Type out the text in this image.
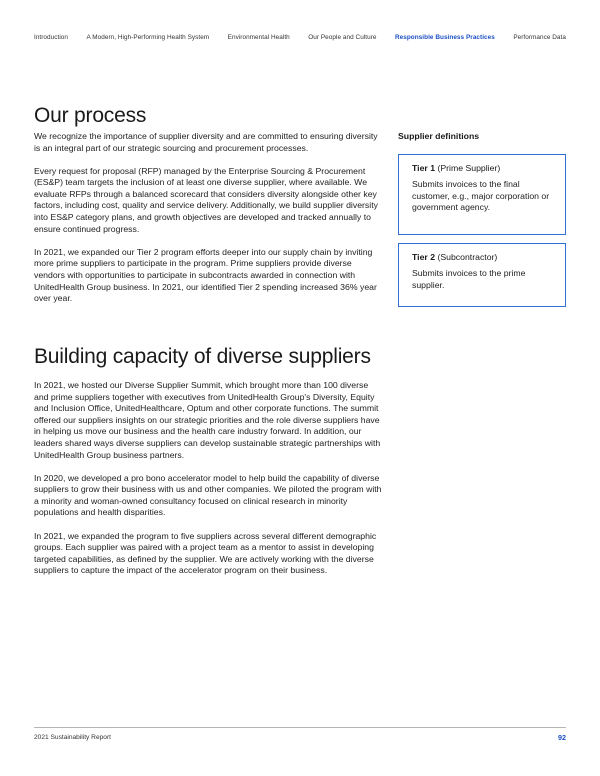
Introduction	A Modern, High-Performing Health System	Environmental Health	Our People and Culture	Responsible Business Practices	Performance Data
Our process

We recognize the importance of supplier diversity and are committed to ensuring diversity is an integral part of our strategic sourcing and procurement processes.

Every request for proposal (RFP) managed by the Enterprise Sourcing & Procurement (ES&P) team targets the inclusion of at least one diverse supplier, where available. We evaluate RFPs through a balanced scorecard that considers diversity alongside other key factors, including cost, quality and service delivery. Additionally, we build supplier diversity into ES&P category plans, and growth objectives are developed and tracked annually to ensure continued progress.

In 2021, we expanded our Tier 2 program efforts deeper into our supply chain by inviting more prime suppliers to participate in the program. Prime suppliers provide diverse vendors with opportunities to participate in subcontracts awarded in connection with UnitedHealth Group business. In 2021, our identified Tier 2 spending increased 36% year over year.

Supplier definitions
Tier 1 (Prime Supplier)
Submits invoices to the final customer, e.g., major corporation or government agency.
Tier 2 (Subcontractor)
Submits invoices to the prime supplier.
Building capacity of diverse suppliers

In 2021, we hosted our Diverse Supplier Summit, which brought more than 100 diverse and prime suppliers together with executives from UnitedHealth Group's Diversity, Equity and Inclusion Office, UnitedHealthcare, Optum and other corporate functions. The summit offered our suppliers insights on our strategic priorities and the role diverse suppliers have in helping us move our business and the health care industry forward. In addition, our leaders shared ways diverse suppliers can develop sustainable strategic partnerships with UnitedHealth Group business partners.

In 2020, we developed a pro bono accelerator model to help build the capability of diverse suppliers to grow their business with us and other companies. We piloted the program with a minority and woman-owned consultancy focused on clinical research in minority populations and health disparities.

In 2021, we expanded the program to five suppliers across several different demographic groups. Each supplier was paired with a project team as a mentor to assist in developing targeted capabilities, as defined by the supplier. We are actively working with the diverse suppliers to capture the impact of the accelerator program on their business.

2021 Sustainability Report	92
